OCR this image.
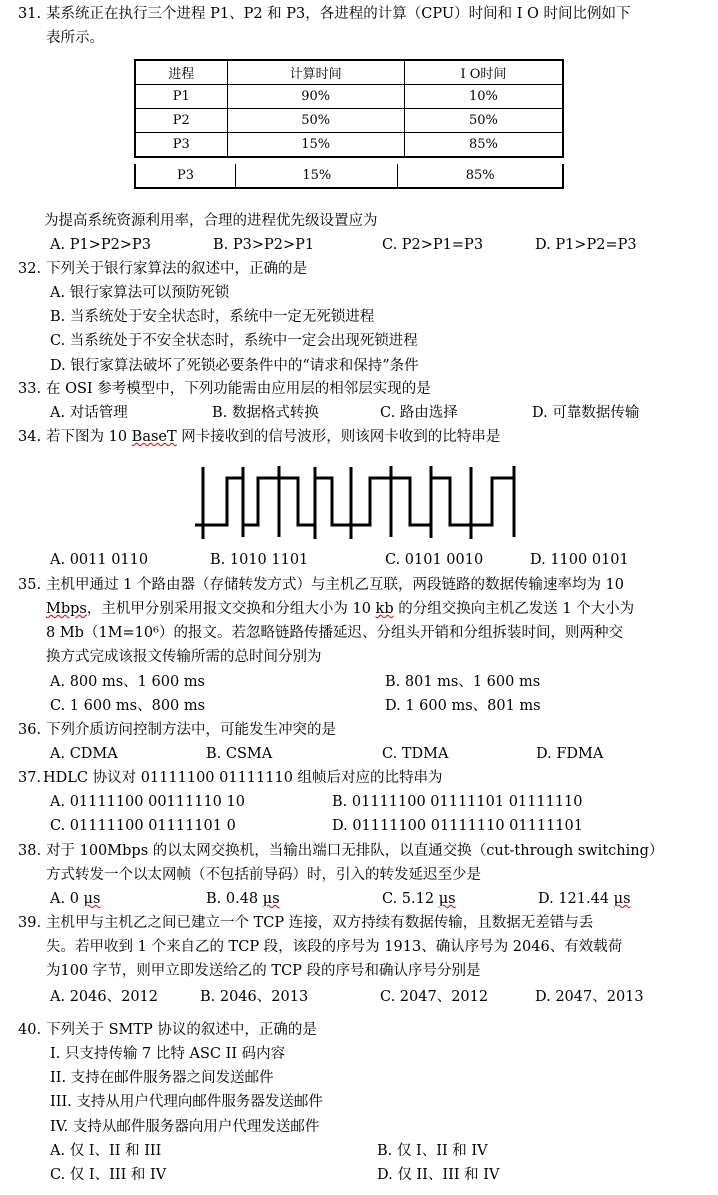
31. 某系统正在执行三个进程 P1、P2 和 P3，各进程的计算（CPU）时间和 I O 时间比例如下
表所示。
进程	计算时间	I O时间
P1	90%	10%
P2	50%	50%
P3	15%	85%
P3	15%	85%
为提高系统资源利用率，合理的进程优先级设置应为
A. P1>P2>P3	B. P3>P2>P1	C. P2>P1=P3	D. P1>P2=P3
32. 下列关于银行家算法的叙述中，正确的是
A. 银行家算法可以预防死锁
B. 当系统处于安全状态时，系统中一定无死锁进程
C. 当系统处于不安全状态时，系统中一定会出现死锁进程
D. 银行家算法破坏了死锁必要条件中的“请求和保持”条件
33. 在 OSI 参考模型中，下列功能需由应用层的相邻层实现的是
A. 对话管理	B. 数据格式转换	C. 路由选择	D. 可靠数据传输
34. 若下图为 10 BaseT 网卡接收到的信号波形，则该网卡收到的比特串是
A. 0011 0110	B. 1010 1101	C. 0101 0010	D. 1100 0101
35. 主机甲通过 1 个路由器（存储转发方式）与主机乙互联，两段链路的数据传输速率均为 10
Mbps，主机甲分别采用报文交换和分组大小为 10 kb 的分组交换向主机乙发送 1 个大小为
8 Mb（1M=10⁶）的报文。若忽略链路传播延迟、分组头开销和分组拆装时间，则两种交
换方式完成该报文传输所需的总时间分别为
A. 800 ms、1 600 ms	B. 801 ms、1 600 ms
C. 1 600 ms、800 ms	D. 1 600 ms、801 ms
36. 下列介质访问控制方法中，可能发生冲突的是
A. CDMA	B. CSMA	C. TDMA	D. FDMA
37. HDLC 协议对 01111100 01111110 组帧后对应的比特串为
A. 01111100 00111110 10	B. 01111100 01111101 01111110
C. 01111100 01111101 0	D. 01111100 01111110 01111101
38. 对于 100Mbps 的以太网交换机，当输出端口无排队，以直通交换（cut-through switching）
方式转发一个以太网帧（不包括前导码）时，引入的转发延迟至少是
A. 0 μs	B. 0.48 μs	C. 5.12 μs	D. 121.44 μs
39. 主机甲与主机乙之间已建立一个 TCP 连接，双方持续有数据传输，且数据无差错与丢
失。若甲收到 1 个来自乙的 TCP 段，该段的序号为 1913、确认序号为 2046、有效载荷
为100 字节，则甲立即发送给乙的 TCP 段的序号和确认序号分别是
A. 2046、2012	B. 2046、2013	C. 2047、2012	D. 2047、2013
40. 下列关于 SMTP 协议的叙述中，正确的是
I. 只支持传输 7 比特 ASC II 码内容
II. 支持在邮件服务器之间发送邮件
III. 支持从用户代理向邮件服务器发送邮件
IV. 支持从邮件服务器向用户代理发送邮件
A. 仅 I、II 和 III	B. 仅 I、II 和 IV
C. 仅 I、III 和 IV	D. 仅 II、III 和 IV
